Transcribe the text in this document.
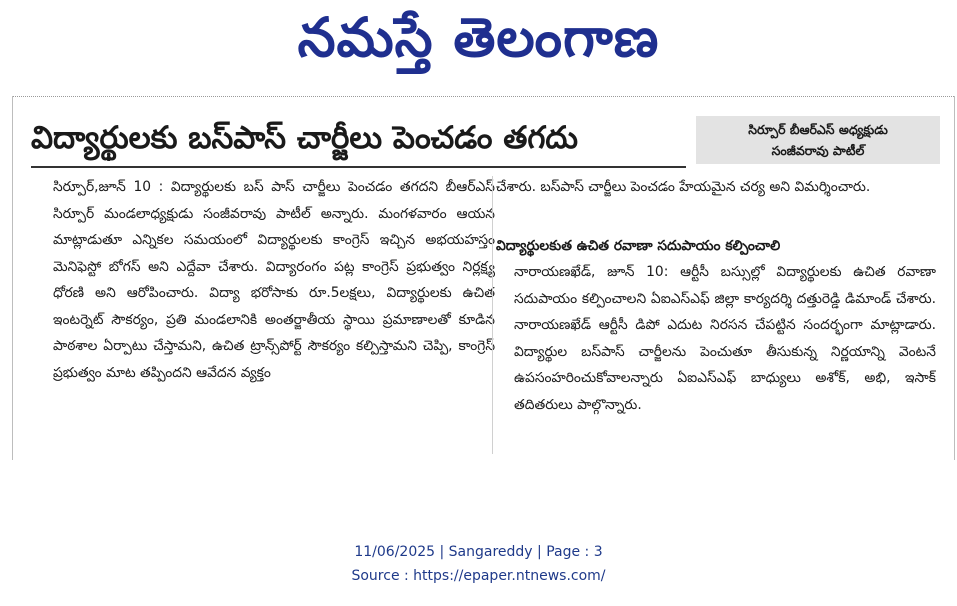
నమస్తే తెలంగాణ
విద్యార్థులకు బస్‌పాస్‌ చార్జీలు పెంచడం తగదు	సిర్పూర్‌ బీఆర్‌ఎస్‌ అధ్యక్షుడు
సంజీవరావు పాటీల్‌
సిర్పూర్‌,జూన్‌ 10 : విద్యార్థులకు బస్‌ పాస్‌ చార్జీలు పెంచడం తగదని బీఆర్‌ఎస్‌ సిర్పూర్‌ మండలాధ్యక్షుడు సంజీవరావు పాటీల్‌ అన్నారు. మంగళవారం ఆయన మాట్లాడుతూ ఎన్నికల సమయంలో విద్యార్థులకు కాంగ్రెస్‌ ఇచ్చిన అభయహస్తం మెనిఫెస్టో బోగస్‌ అని ఎద్దేవా చేశారు. విద్యారంగం పట్ల కాంగ్రెస్‌ ప్రభుత్వం నిర్లక్ష్య ధోరణి అని ఆరోపించారు. విద్యా భరోసాకు రూ.5లక్షలు, విద్యార్థులకు ఉచిత ఇంటర్నెట్‌ సౌకర్యం, ప్రతి మండలానికి అంతర్జాతీయ స్థాయి ప్రమాణాలతో కూడిన పాఠశాల ఏర్పాటు చేస్తామని, ఉచిత ట్రాన్స్‌పోర్ట్‌ సౌకర్యం కల్పిస్తామని చెప్పి, కాంగ్రెస్‌ ప్రభుత్వం మాట తప్పిందని ఆవేదన వ్యక్తం
చేశారు. బస్‌పాస్‌ చార్జీలు పెంచడం హేయమైన చర్య అని విమర్శించారు.
విద్యార్థులకుత ఉచిత రవాణా సదుపాయం కల్పించాలి
నారాయణఖేడ్‌, జూన్‌ 10: ఆర్టీసీ బస్సుల్లో విద్యార్థులకు ఉచిత రవాణా సదుపాయం కల్పించాలని ఏఐఎస్‌ఎఫ్‌ జిల్లా కార్యదర్శి దత్తురెడ్డి డిమాండ్‌ చేశారు. నారాయణఖేడ్‌ ఆర్టీసీ డిపో ఎదుట నిరసన చేపట్టిన సందర్భంగా మాట్లాడారు. విద్యార్థుల బస్‌పాస్‌ చార్జీలను పెంచుతూ తీసుకున్న నిర్ణయాన్ని వెంటనే ఉపసంహరించుకోవాలన్నారు ఏఐఎస్‌ఎఫ్‌ బాధ్యులు అశోక్‌, అభి, ఇసాక్‌ తదితరులు పాల్గొన్నారు.
11/06/2025 | Sangareddy | Page : 3
Source : https://epaper.ntnews.com/
